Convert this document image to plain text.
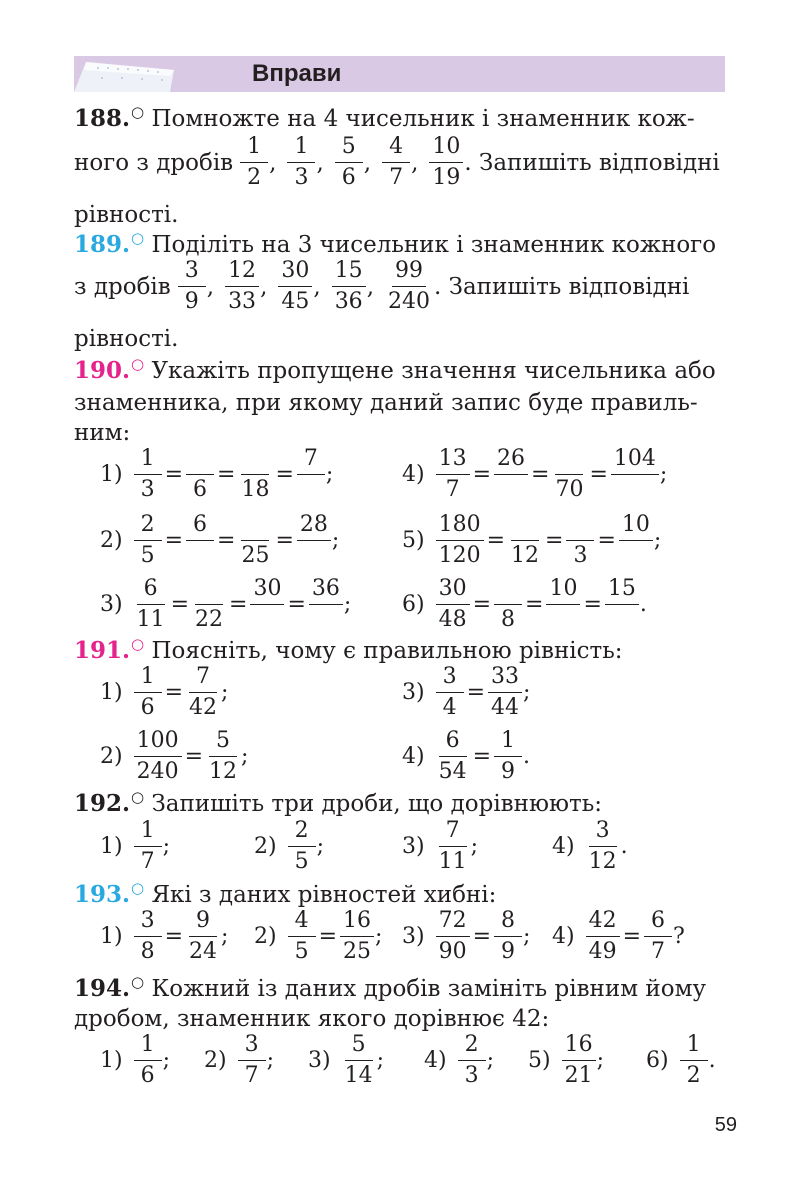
Вправи
188.○ Помножте на 4 чисельник і знаменник кож-
ного з дробів $\frac{1}{2}$ , $\frac{1}{3}$ , $\frac{5}{6}$ , $\frac{4}{7}$ , $\frac{10}{19}$ . Запишіть відповідні
рівності.
189.○ Поділіть на 3 чисельник і знаменник кожного
з дробів $\frac{3}{9}$ , $\frac{12}{33}$ , $\frac{30}{45}$ , $\frac{15}{36}$ , $\frac{99}{240}$ . Запишіть відповідні
рівності.
190.○ Укажіть пропущене значення чисельника або
знаменника, при якому даний запис буде правиль-
ним:
$1) \frac{1}{3}$ =
6
=
18
=
7
;
$2) \frac{2}{5}$ =
6
=
25
=
28
;
$3) \frac{6}{11}$ =
22
=
30
=
36
;
$4) \frac{13}{7}$ =
26
=
70
=
104
;
$5) \frac{180}{120}$ =
12
=
3
=
10
;
$6) \frac{30}{48}$ =
8
=
10
=
15
.
191.○ Поясніть, чому є правильною рівність:
$1) \frac{1}{6} = \frac{7}{42}$ ;
$2) \frac{100}{240} = \frac{5}{12}$ ;
$3) \frac{3}{4} = \frac{33}{44}$ ;
$4) \frac{6}{54} = \frac{1}{9}$ .
192.○ Запишіть три дроби, що дорівнюють:
$1) \frac{1}{7}$ ;	$2) \frac{2}{5}$ ;	$3) \frac{7}{11}$ ;	$4) \frac{3}{12}$ .
193.○ Які з даних рівностей хибні:
$1) \frac{3}{8} = \frac{9}{24}$ ; $2) \frac{4}{5} = \frac{16}{25}$ ; $3) \frac{72}{90} = \frac{8}{9}$ ; $4) \frac{42}{49} = \frac{6}{7}$ ?
194.○ Кожний із даних дробів замініть рівним йому
дробом, знаменник якого дорівнює 42:
$1) \frac{1}{6}$ ; $2) \frac{3}{7}$ ; $3) \frac{5}{14}$ ; $4) \frac{2}{3}$ ; $5) \frac{16}{21}$ ; $6) \frac{1}{2}$ .
59
